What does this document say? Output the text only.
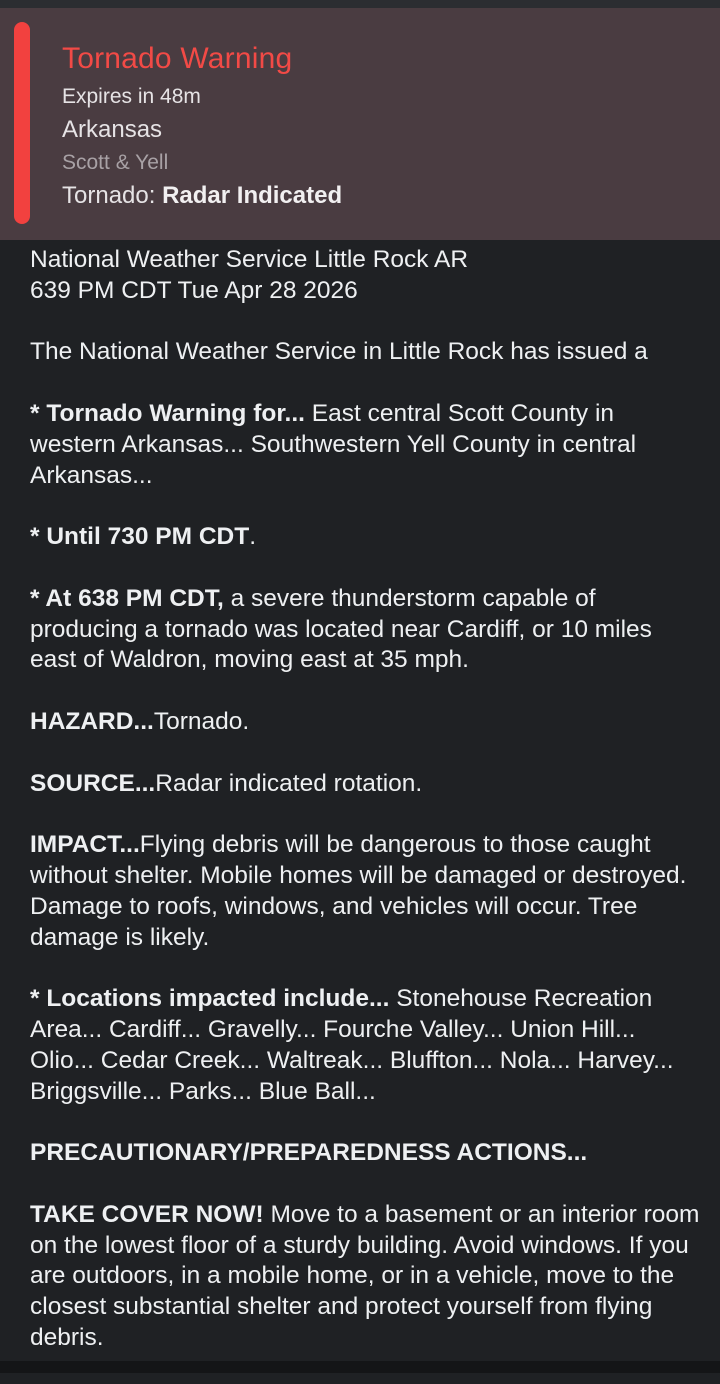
Tornado Warning
Expires in 48m
Arkansas
Scott & Yell
Tornado: Radar Indicated

National Weather Service Little Rock AR
639 PM CDT Tue Apr 28 2026

The National Weather Service in Little Rock has issued a

* Tornado Warning for... East central Scott County in western Arkansas... Southwestern Yell County in central Arkansas...

* Until 730 PM CDT.

* At 638 PM CDT, a severe thunderstorm capable of producing a tornado was located near Cardiff, or 10 miles east of Waldron, moving east at 35 mph.

HAZARD...Tornado.

SOURCE...Radar indicated rotation.

IMPACT...Flying debris will be dangerous to those caught without shelter. Mobile homes will be damaged or destroyed. Damage to roofs, windows, and vehicles will occur. Tree damage is likely.

* Locations impacted include... Stonehouse Recreation Area... Cardiff... Gravelly... Fourche Valley... Union Hill... Olio... Cedar Creek... Waltreak... Bluffton... Nola... Harvey... Briggsville... Parks... Blue Ball...

PRECAUTIONARY/PREPAREDNESS ACTIONS...

TAKE COVER NOW! Move to a basement or an interior room on the lowest floor of a sturdy building. Avoid windows. If you are outdoors, in a mobile home, or in a vehicle, move to the closest substantial shelter and protect yourself from flying debris.
